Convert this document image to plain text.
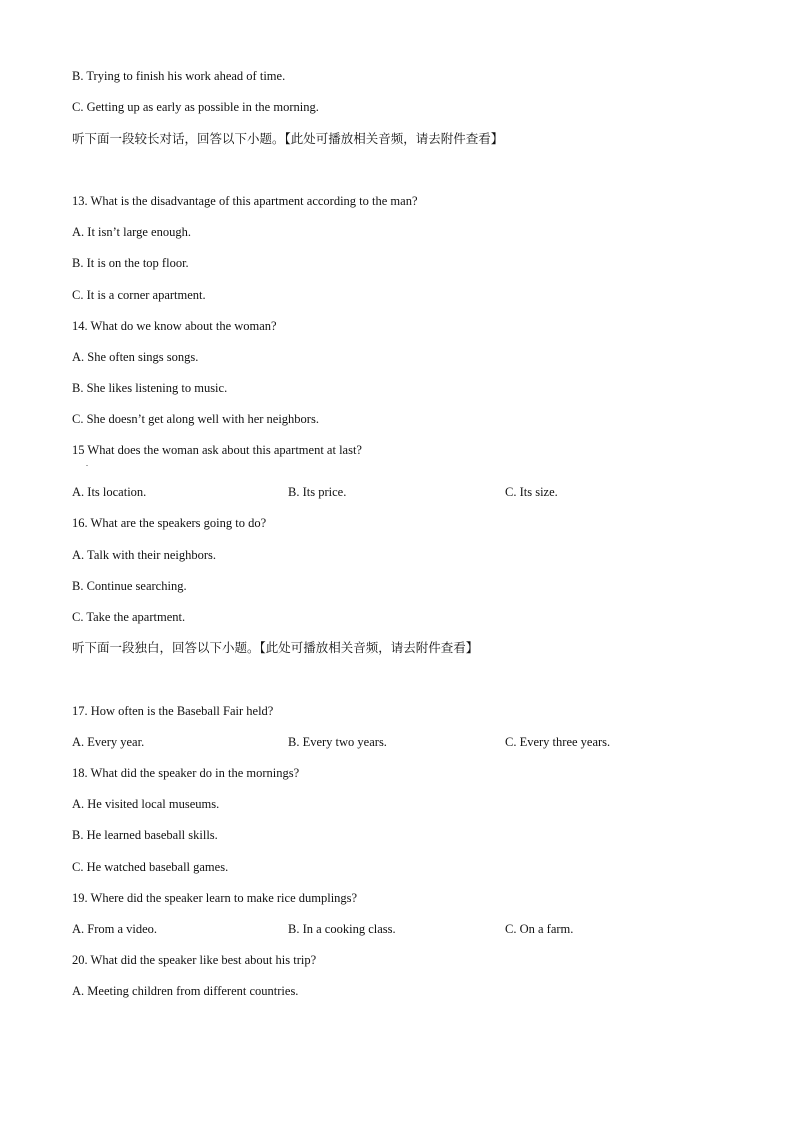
B. Trying to finish his work ahead of time.
C. Getting up as early as possible in the morning.
听下面一段较长对话，回答以下小题。【此处可播放相关音频，请去附件查看】
13. What is the disadvantage of this apartment according to the man?
A. It isn’t large enough.
B. It is on the top floor.
C. It is a corner apartment.
14. What do we know about the woman?
A. She often sings songs.
B. She likes listening to music.
C. She doesn’t get along well with her neighbors.
15 What does the woman ask about this apartment at last?
.
A. Its location.	B. Its price.	C. Its size.
16. What are the speakers going to do?
A. Talk with their neighbors.
B. Continue searching.
C. Take the apartment.
听下面一段独白，回答以下小题。【此处可播放相关音频，请去附件查看】
17. How often is the Baseball Fair held?
A. Every year.	B. Every two years.	C. Every three years.
18. What did the speaker do in the mornings?
A. He visited local museums.
B. He learned baseball skills.
C. He watched baseball games.
19. Where did the speaker learn to make rice dumplings?
A. From a video.	B. In a cooking class.	C. On a farm.
20. What did the speaker like best about his trip?
A. Meeting children from different countries.
